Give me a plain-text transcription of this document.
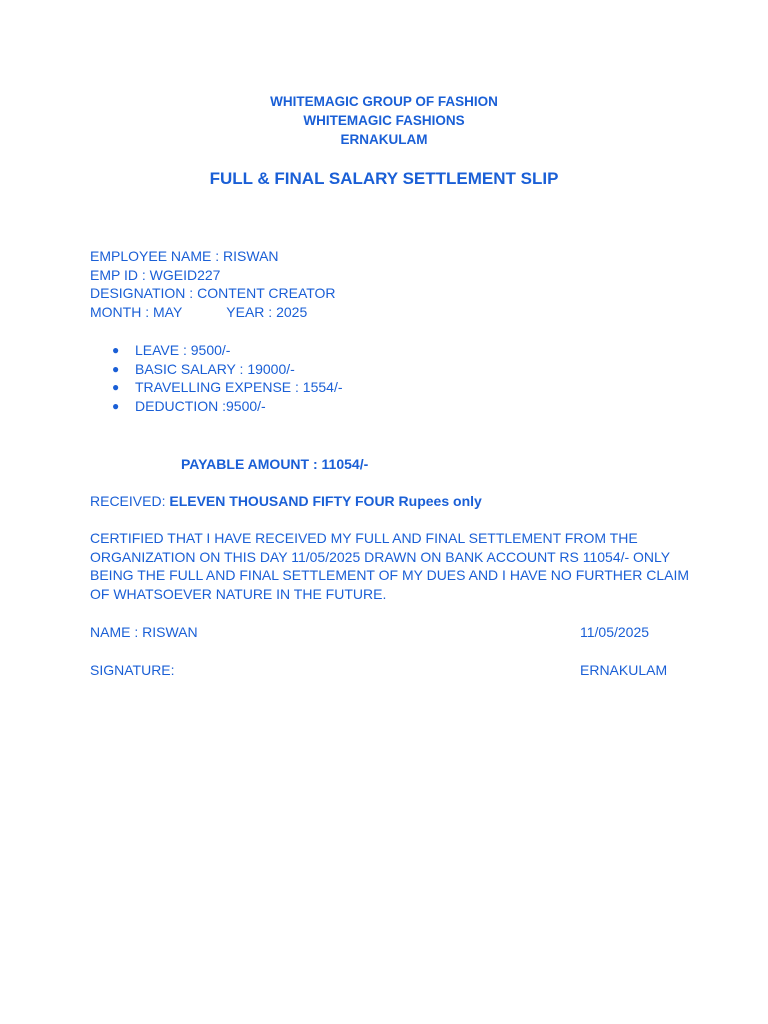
WHITEMAGIC GROUP OF FASHION
WHITEMAGIC FASHIONS
ERNAKULAM
FULL & FINAL SALARY SETTLEMENT SLIP
EMPLOYEE NAME : RISWAN
EMP ID : WGEID227
DESIGNATION : CONTENT CREATOR
MONTH : MAY	YEAR : 2025
● LEAVE : 9500/-
● BASIC SALARY : 19000/-
● TRAVELLING EXPENSE : 1554/-
● DEDUCTION :9500/-
PAYABLE AMOUNT : 11054/-
RECEIVED: ELEVEN THOUSAND FIFTY FOUR Rupees only
CERTIFIED THAT I HAVE RECEIVED MY FULL AND FINAL SETTLEMENT FROM THE ORGANIZATION ON THIS DAY 11/05/2025 DRAWN ON BANK ACCOUNT RS 11054/- ONLY BEING THE FULL AND FINAL SETTLEMENT OF MY DUES AND I HAVE NO FURTHER CLAIM OF WHATSOEVER NATURE IN THE FUTURE.
NAME : RISWAN	11/05/2025
SIGNATURE:	ERNAKULAM
